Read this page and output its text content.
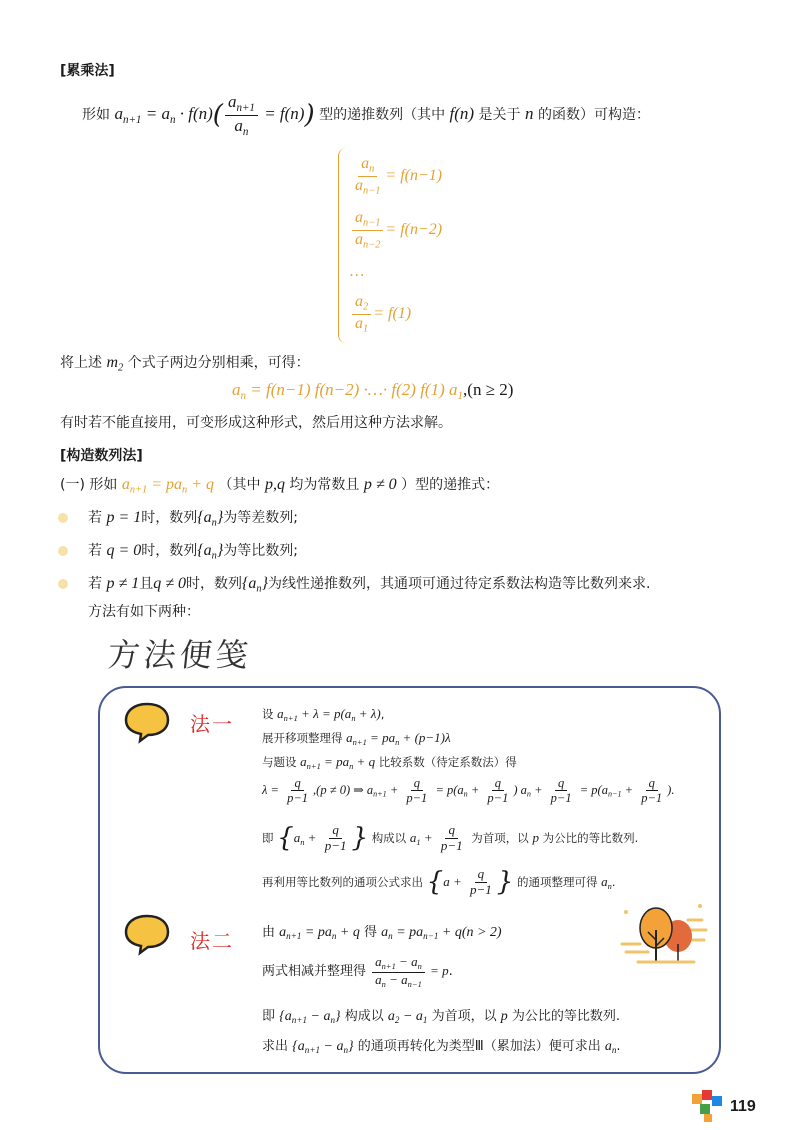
[累乘法]
形如 $a_{n+1} = a_n \cdot f(n)( \frac{a_{n+1}}{a_n} = f(n))$ 型的递推数列（其中 f(n) 是关于 n 的函数）可构造：
$\frac{a_n}{a_{n-1}} = f(n-1)$
$\frac{a_{n-1}}{a_{n-2}} = f(n-2)$
…
$\frac{a_2}{a_1} = f(1)$
将上述 $m_2$ 个式子两边分别相乘，可得：
$a_n = f(n-1)$ f(n−2) ·…· f(2) f(1) $a_1,(n \ge 2)$
有时若不能直接用，可变形成这种形式，然后用这种方法求解。
[构造数列法]
(一) 形如 $a_{n+1} = pa_n + q$ （其中 p,q 均为常数且 p ≠ 0 ）型的递推式：
若 p = 1时，数列$\{a_n\}$为等差数列;
若 q = 0时，数列$\{a_n\}$为等比数列;
若 p ≠ 1且q ≠ 0时，数列$\{a_n\}$为线性递推数列，其通项可通过待定系数法构造等比数列来求.
方法有如下两种：
方法便笺
法一 设 $a_{n+1} + \lambda = p(a_n + \lambda)$,
展开移项整理得 $a_{n+1} = pa_n + (p-1)\lambda$
与题设 $a_{n+1} = pa_n + q$ 比较系数（待定系数法）得
$\lambda = \frac{q}{p-1} ,(p \ne 0)$ ⇒ $a_{n+1} + \frac{q}{p-1} = p(a_n + \frac{q}{p-1}$ ) $a_n + \frac{q}{p-1} = p(a_{n-1} + \frac{q}{p-1}$ ).
即 {$a_n + \frac{q}{p-1}$ } 构成以 $a_1 + \frac{q}{p-1}$ 为首项，以 p 为公比的等比数列.
再利用等比数列的通项公式求出 {$a + \frac{q}{p-1}$ } 的通项整理可得 $a_n$.
法二 由 $a_{n+1} = pa_n + q$ 得 $a_n = pa_{n-1} + q(n > 2)$
两式相减并整理得 $\frac{a_{n+1} - a_n}{a_n - a_{n-1}} = p$.
即 $\{a_{n+1} - a_n\}$ 构成以 $a_2 - a_1$ 为首项，以 p 为公比的等比数列.
求出 $\{a_{n+1} - a_n\}$ 的通项再转化为类型Ⅲ（累加法）便可求出 $a_n$.
119
